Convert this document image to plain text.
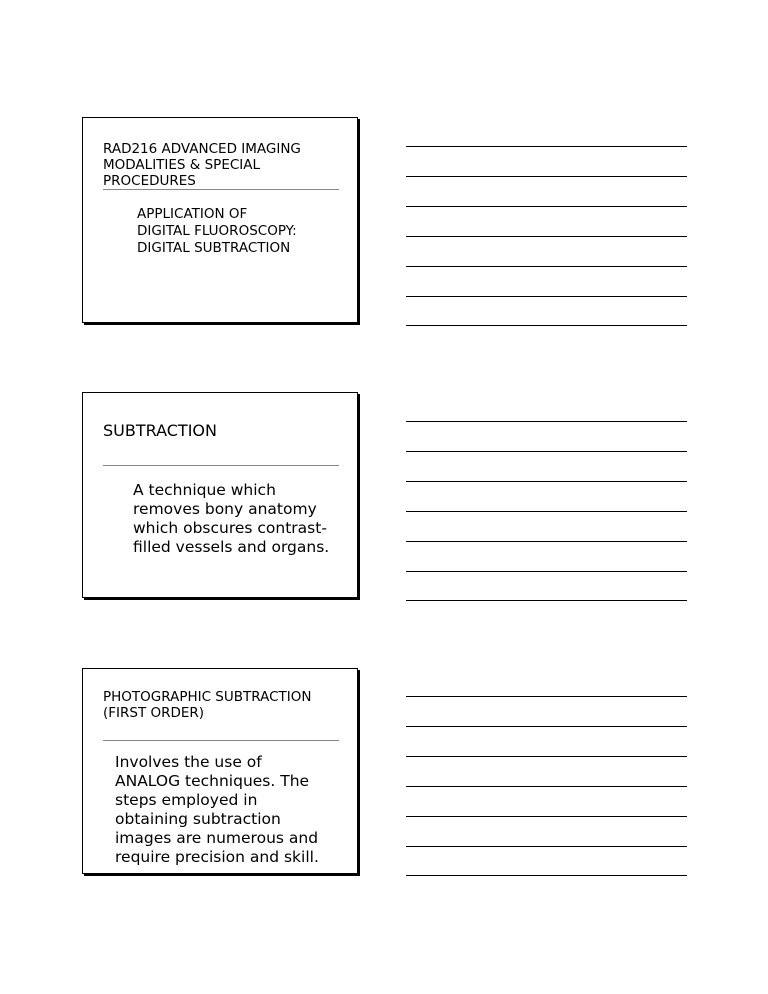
RAD216 ADVANCED IMAGING MODALITIES & SPECIAL PROCEDURES
APPLICATION OF
DIGITAL FLUOROSCOPY:
DIGITAL SUBTRACTION
SUBTRACTION
A technique which
removes bony anatomy
which obscures contrast-
filled vessels and organs.
PHOTOGRAPHIC SUBTRACTION
(FIRST ORDER)
Involves the use of
ANALOG techniques. The
steps employed in
obtaining subtraction
images are numerous and
require precision and skill.
